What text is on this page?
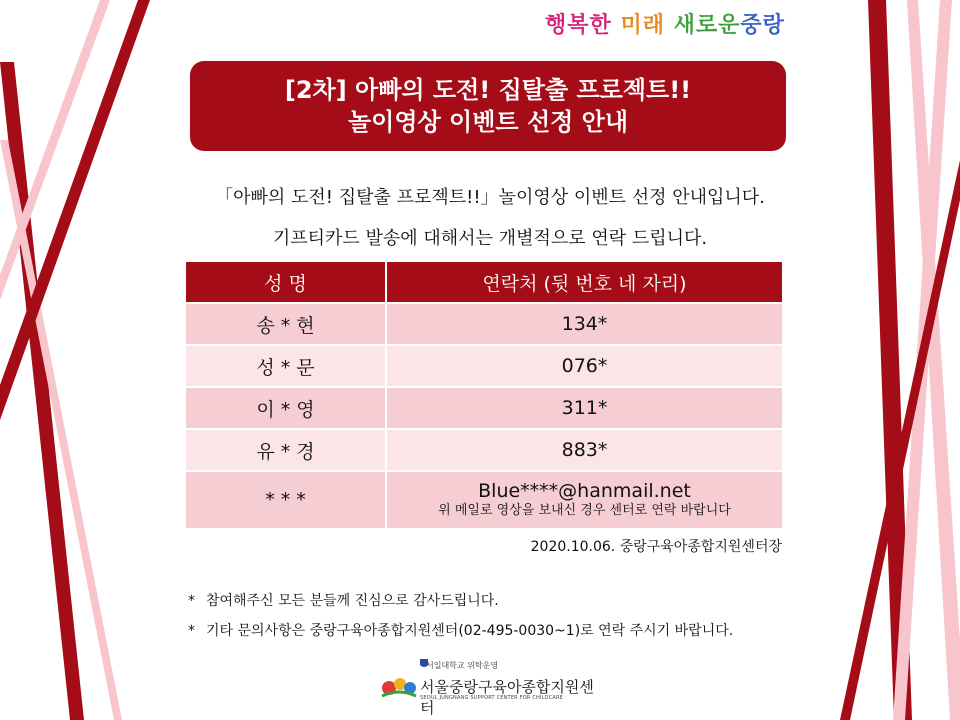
행복한 미래 새로운중랑
[2차] 아빠의 도전! 집탈출 프로젝트!!
놀이영상 이벤트 선정 안내
「아빠의 도전! 집탈출 프로젝트!!」놀이영상 이벤트 선정 안내입니다.
기프티카드 발송에 대해서는 개별적으로 연락 드립니다.
성 명	연락처 (뒷 번호 네 자리)
송 * 현	134*
성 * 문	076*
이 * 영	311*
유 * 경	883*
* * *	Blue****@hanmail.net
위 메일로 영상을 보내신 경우 센터로 연락 바랍니다
2020.10.06. 중랑구육아종합지원센터장
* 참여해주신 모든 분들께 진심으로 감사드립니다.
* 기타 문의사항은 중랑구육아종합지원센터(02-495-0030~1)로 연락 주시기 바랍니다.
서일대학교 위탁운영
서울중랑구육아종합지원센터
SEOUL JUNGNANG SUPPORT CENTER FOR CHILDCARE
